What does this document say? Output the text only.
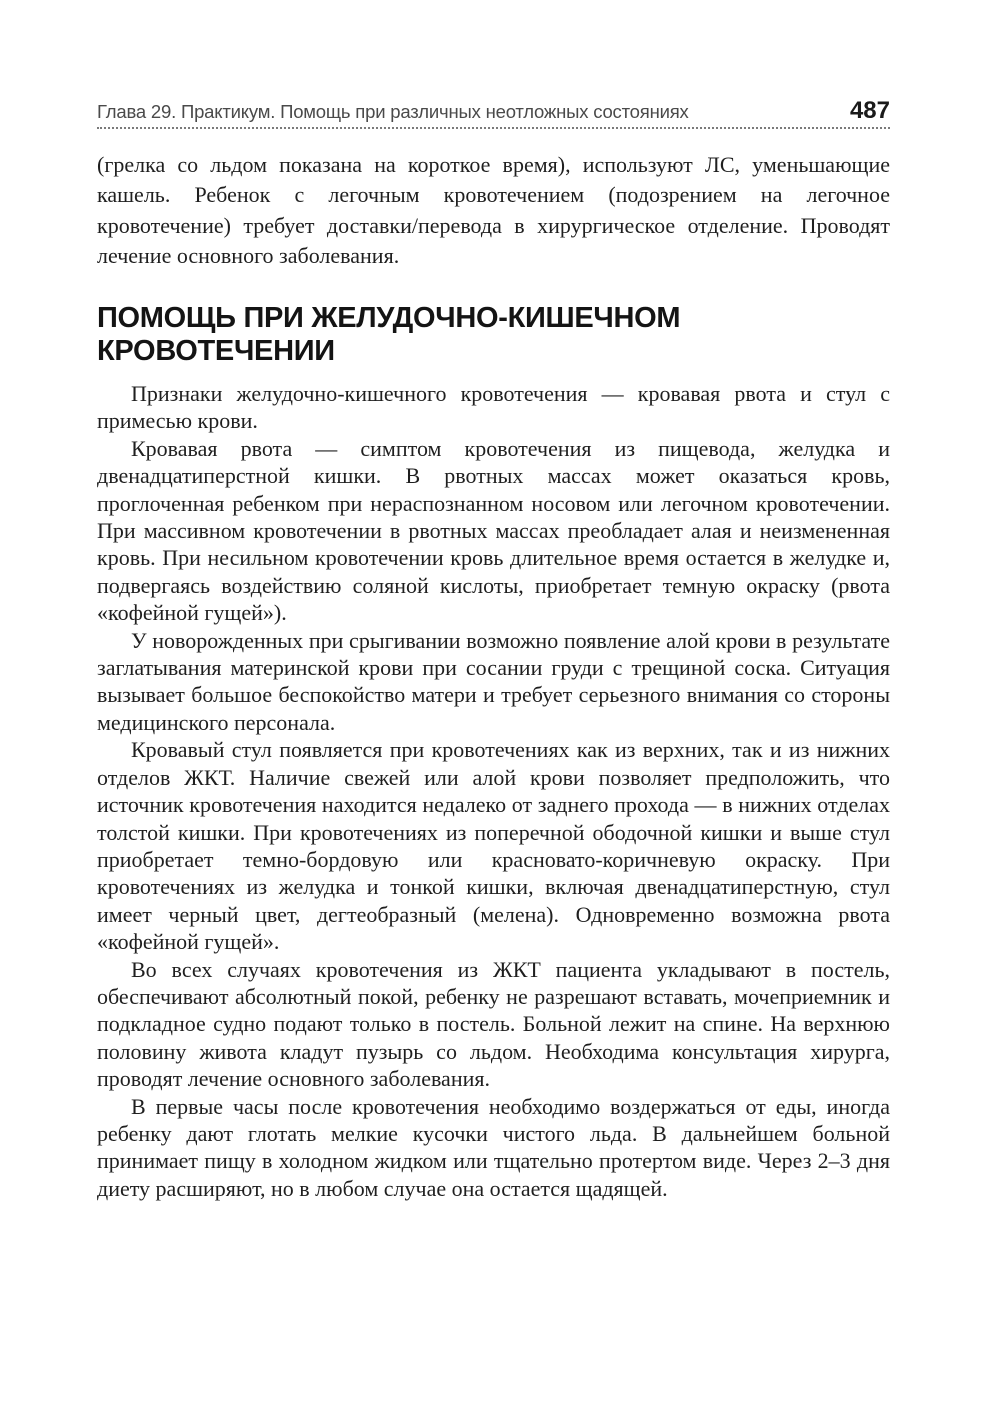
Глава 29. Практикум. Помощь при различных неотложных состояниях	487

(грелка со льдом показана на короткое время), используют ЛС, уменьшающие кашель. Ребенок с легочным кровотечением (подозрением на легочное кровотечение) требует доставки/перевода в хирургическое отделение. Проводят лечение основного заболевания.

ПОМОЩЬ ПРИ ЖЕЛУДОЧНО-КИШЕЧНОМ
КРОВОТЕЧЕНИИ

Признаки желудочно-кишечного кровотечения — кровавая рвота и стул с примесью крови.

Кровавая рвота — симптом кровотечения из пищевода, желудка и двенадцатиперстной кишки. В рвотных массах может оказаться кровь, проглоченная ребенком при нераспознанном носовом или легочном кровотечении. При массивном кровотечении в рвотных массах преобладает алая и неизмененная кровь. При несильном кровотечении кровь длительное время остается в желудке и, подвергаясь воздействию соляной кислоты, приобретает темную окраску (рвота «кофейной гущей»).

У новорожденных при срыгивании возможно появление алой крови в результате заглатывания материнской крови при сосании груди с трещиной соска. Ситуация вызывает большое беспокойство матери и требует серьезного внимания со стороны медицинского персонала.

Кровавый стул появляется при кровотечениях как из верхних, так и из нижних отделов ЖКТ. Наличие свежей или алой крови позволяет предположить, что источник кровотечения находится недалеко от заднего прохода — в нижних отделах толстой кишки. При кровотечениях из поперечной ободочной кишки и выше стул приобретает темно-бордовую или красновато-коричневую окраску. При кровотечениях из желудка и тонкой кишки, включая двенадцатиперстную, стул имеет черный цвет, дегтеобразный (мелена). Одновременно возможна рвота «кофейной гущей».

Во всех случаях кровотечения из ЖКТ пациента укладывают в постель, обеспечивают абсолютный покой, ребенку не разрешают вставать, мочеприемник и подкладное судно подают только в постель. Больной лежит на спине. На верхнюю половину живота кладут пузырь со льдом. Необходима консультация хирурга, проводят лечение основного заболевания.

В первые часы после кровотечения необходимо воздержаться от еды, иногда ребенку дают глотать мелкие кусочки чистого льда. В дальнейшем больной принимает пищу в холодном жидком или тщательно протертом виде. Через 2–3 дня диету расширяют, но в любом случае она остается щадящей.
